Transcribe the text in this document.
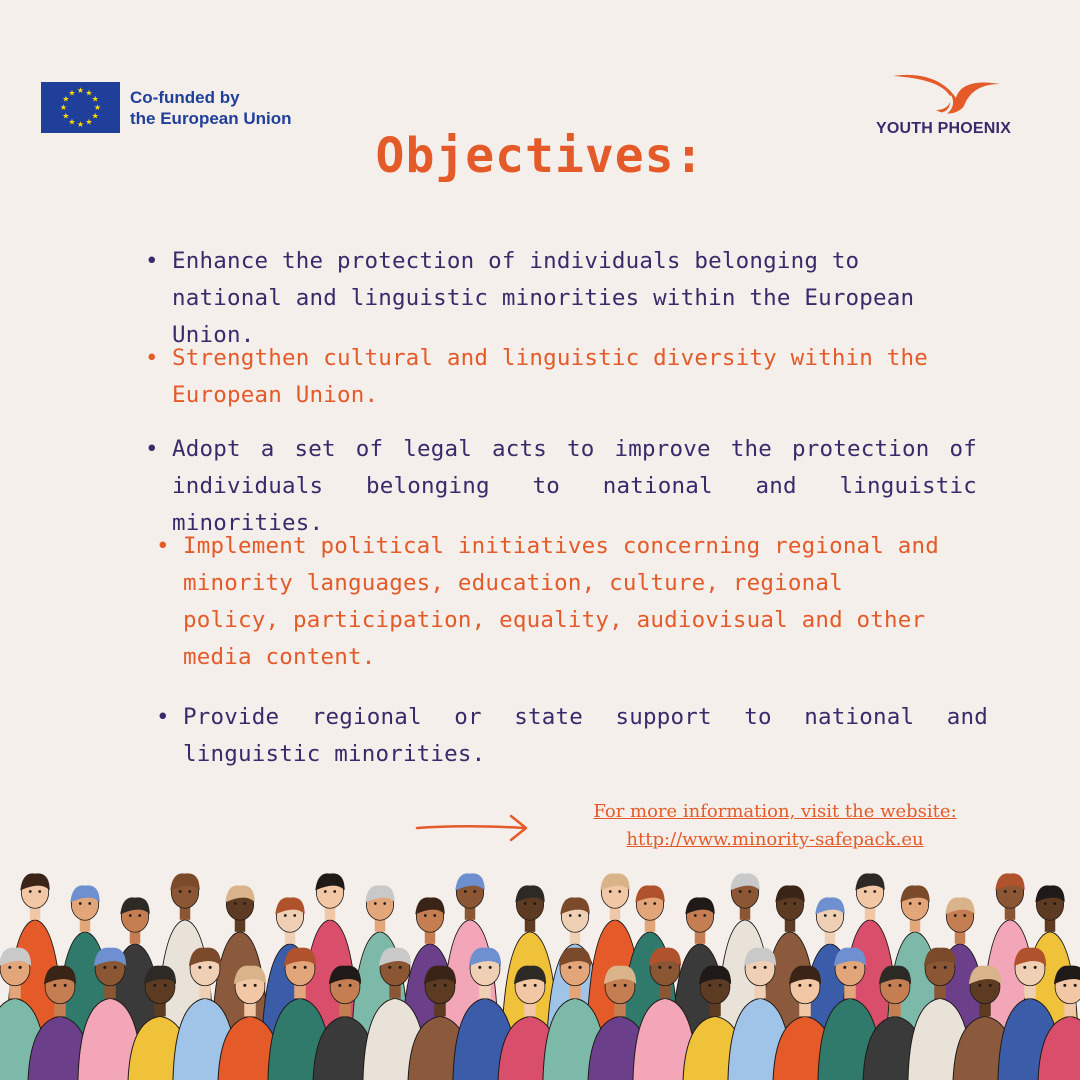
★ ★
★
★
★
★
★
★
★
★
★
★	Co-funded by
the European Union
YOUTH PHOENIX
Objectives:
• Enhance the protection of individuals belonging to national and linguistic minorities within the European Union.

• Strengthen cultural and linguistic diversity within the European Union.

• Adopt a set of legal acts to improve the protection of individuals belonging to national and linguistic minorities.

• Implement political initiatives concerning regional and minority languages, education, culture, regional policy, participation, equality, audiovisual and other media content.

• Provide regional or state support to national and linguistic minorities.

For more information, visit the website:
http://www.minority-safepack.eu
